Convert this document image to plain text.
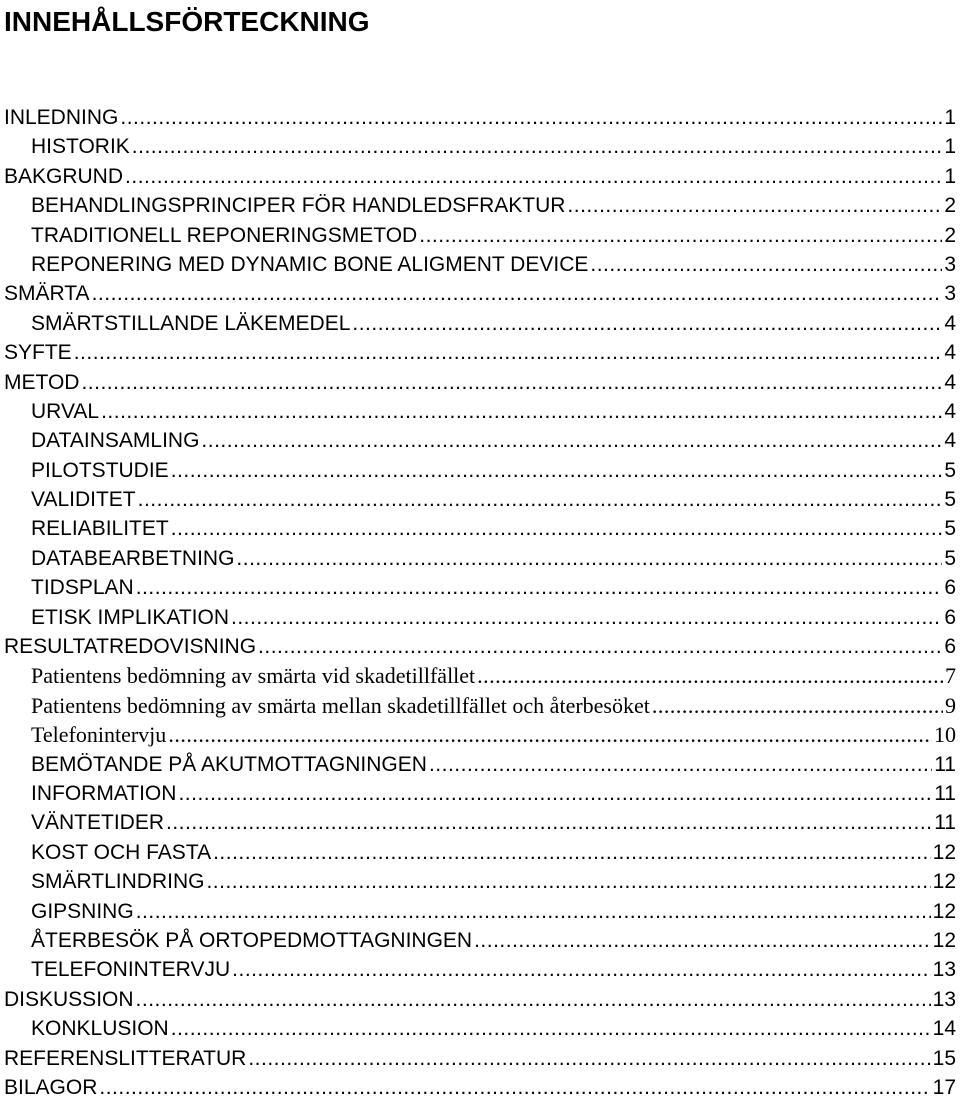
INNEHÅLLSFÖRTECKNING
INLEDNING .....	1
HISTORIK .....	1
BAKGRUND .....	1
BEHANDLINGSPRINCIPER FÖR HANDLEDSFRAKTUR .....	2
TRADITIONELL REPONERINGSMETOD .....	2
REPONERING MED DYNAMIC BONE ALIGMENT DEVICE .....	3
SMÄRTA .....	3
SMÄRTSTILLANDE LÄKEMEDEL .....	4
SYFTE .....	4
METOD .....	4
URVAL .....	4
DATAINSAMLING .....	4
PILOTSTUDIE .....	5
VALIDITET .....	5
RELIABILITET .....	5
DATABEARBETNING .....	5
TIDSPLAN .....	6
ETISK IMPLIKATION .....	6
RESULTATREDOVISNING .....	6
Patientens bedömning av smärta vid skadetillfället .....	7
Patientens bedömning av smärta mellan skadetillfället och återbesöket .....	9
Telefonintervju .....	10
BEMÖTANDE PÅ AKUTMOTTAGNINGEN .....	11
INFORMATION .....	11
VÄNTETIDER .....	11
KOST OCH FASTA .....	12
SMÄRTLINDRING .....	12
GIPSNING .....	12
ÅTERBESÖK PÅ ORTOPEDMOTTAGNINGEN .....	12
TELEFONINTERVJU .....	13
DISKUSSION .....	13
KONKLUSION .....	14
REFERENSLITTERATUR .....	15
BILAGOR .....	17
